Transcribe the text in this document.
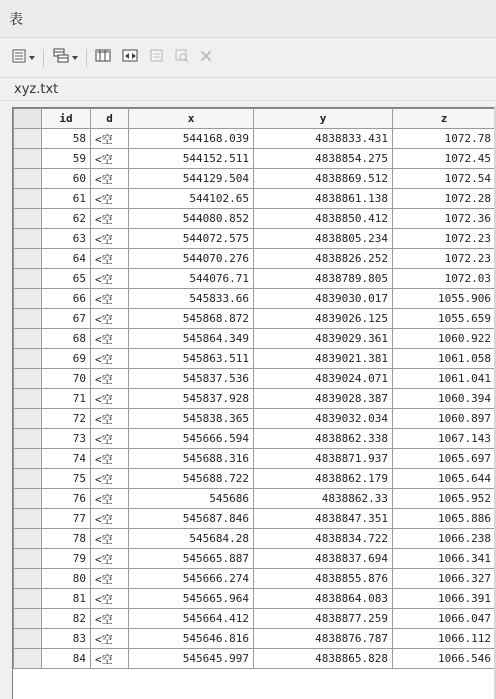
表
xyz.txt
	id	d	x	y	z
	58	<空	544168.039	4838833.431	1072.78
	59	<空	544152.511	4838854.275	1072.45
	60	<空	544129.504	4838869.512	1072.54
	61	<空	544102.65	4838861.138	1072.28
	62	<空	544080.852	4838850.412	1072.36
	63	<空	544072.575	4838805.234	1072.23
	64	<空	544070.276	4838826.252	1072.23
	65	<空	544076.71	4838789.805	1072.03
	66	<空	545833.66	4839030.017	1055.906
	67	<空	545868.872	4839026.125	1055.659
	68	<空	545864.349	4839029.361	1060.922
	69	<空	545863.511	4839021.381	1061.058
	70	<空	545837.536	4839024.071	1061.041
	71	<空	545837.928	4839028.387	1060.394
	72	<空	545838.365	4839032.034	1060.897
	73	<空	545666.594	4838862.338	1067.143
	74	<空	545688.316	4838871.937	1065.697
	75	<空	545688.722	4838862.179	1065.644
	76	<空	545686	4838862.33	1065.952
	77	<空	545687.846	4838847.351	1065.886
	78	<空	545684.28	4838834.722	1066.238
	79	<空	545665.887	4838837.694	1066.341
	80	<空	545666.274	4838855.876	1066.327
	81	<空	545665.964	4838864.083	1066.391
	82	<空	545664.412	4838877.259	1066.047
	83	<空	545646.816	4838876.787	1066.112
	84	<空	545645.997	4838865.828	1066.546
